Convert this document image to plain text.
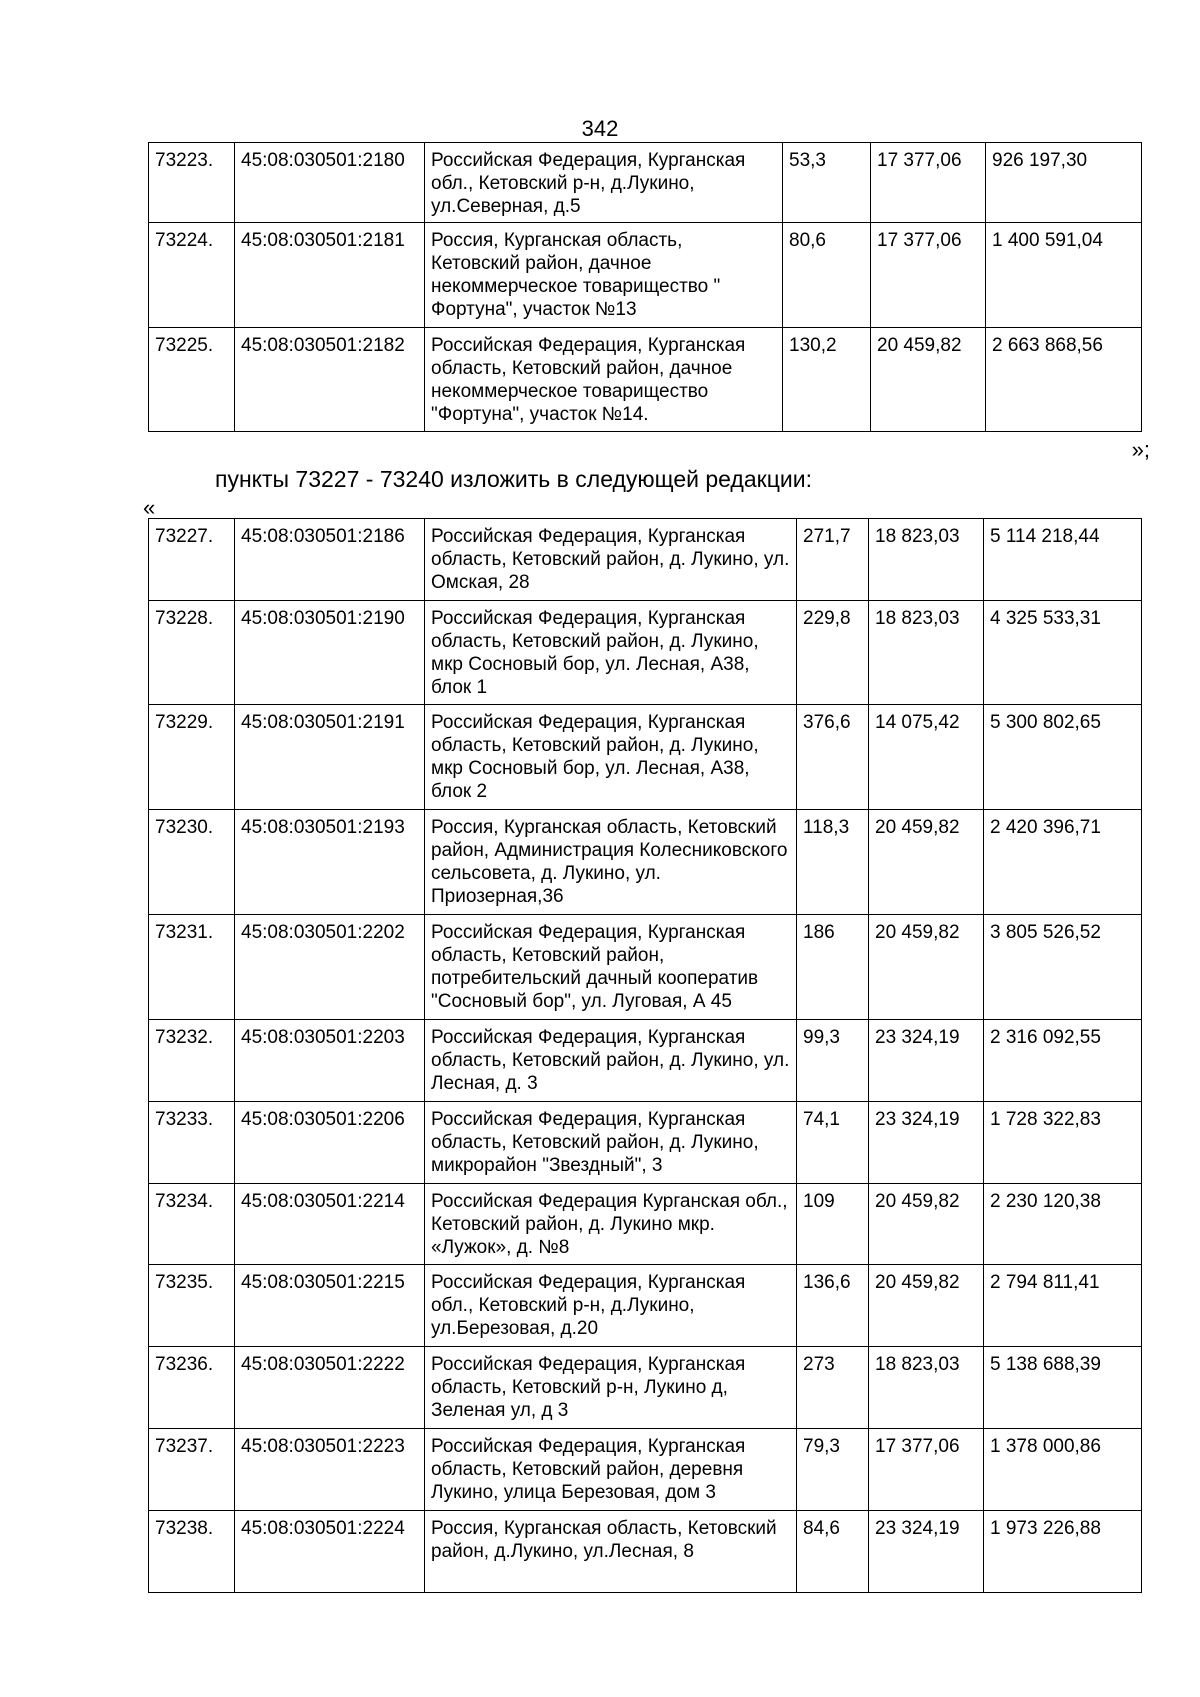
342
73223.	45:08:030501:2180	Российская Федерация, Курганская обл., Кетовский р-н, д.Лукино, ул.Северная, д.5	53,3	17 377,06	926 197,30
73224.	45:08:030501:2181	Россия, Курганская область, Кетовский район, дачное некоммерческое товарищество " Фортуна", участок №13	80,6	17 377,06	1 400 591,04
73225.	45:08:030501:2182	Российская Федерация, Курганская область, Кетовский район, дачное некоммерческое товарищество "Фортуна", участок №14.	130,2	20 459,82	2 663 868,56
»;
пункты 73227 - 73240 изложить в следующей редакции:
«
73227.	45:08:030501:2186	Российская Федерация, Курганская область, Кетовский район, д. Лукино, ул. Омская, 28	271,7	18 823,03	5 114 218,44
73228.	45:08:030501:2190	Российская Федерация, Курганская область, Кетовский район, д. Лукино, мкр Сосновый бор, ул. Лесная, А38, блок 1	229,8	18 823,03	4 325 533,31
73229.	45:08:030501:2191	Российская Федерация, Курганская область, Кетовский район, д. Лукино, мкр Сосновый бор, ул. Лесная, А38, блок 2	376,6	14 075,42	5 300 802,65
73230.	45:08:030501:2193	Россия, Курганская область, Кетовский район, Администрация Колесниковского сельсовета, д. Лукино, ул. Приозерная,36	118,3	20 459,82	2 420 396,71
73231.	45:08:030501:2202	Российская Федерация, Курганская область, Кетовский район, потребительский дачный кооператив "Сосновый бор", ул. Луговая, А 45	186	20 459,82	3 805 526,52
73232.	45:08:030501:2203	Российская Федерация, Курганская область, Кетовский район, д. Лукино, ул. Лесная, д. 3	99,3	23 324,19	2 316 092,55
73233.	45:08:030501:2206	Российская Федерация, Курганская область, Кетовский район, д. Лукино, микрорайон "Звездный", 3	74,1	23 324,19	1 728 322,83
73234.	45:08:030501:2214	Российская Федерация Курганская обл., Кетовский район, д. Лукино мкр. «Лужок», д. №8	109	20 459,82	2 230 120,38
73235.	45:08:030501:2215	Российская Федерация, Курганская обл., Кетовский р-н, д.Лукино, ул.Березовая, д.20	136,6	20 459,82	2 794 811,41
73236.	45:08:030501:2222	Российская Федерация, Курганская область, Кетовский р-н, Лукино д, Зеленая ул, д 3	273	18 823,03	5 138 688,39
73237.	45:08:030501:2223	Российская Федерация, Курганская область, Кетовский район, деревня Лукино, улица Березовая, дом 3	79,3	17 377,06	1 378 000,86
73238.	45:08:030501:2224	Россия, Курганская область, Кетовский район, д.Лукино, ул.Лесная, 8	84,6	23 324,19	1 973 226,88
